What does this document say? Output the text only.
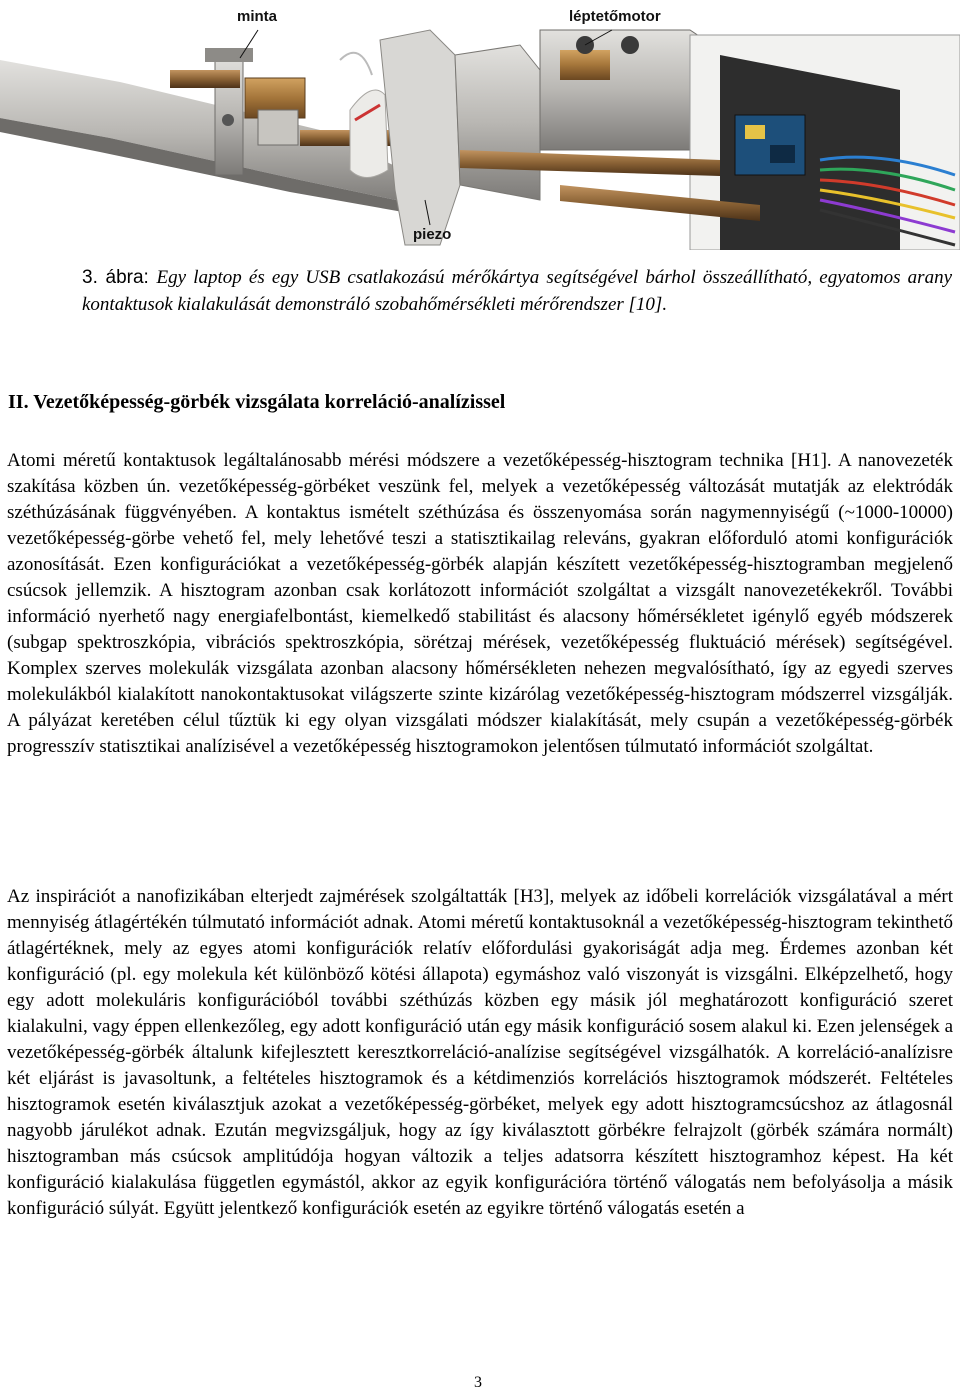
minta	léptetőmotor
piezo
3. ábra: Egy laptop és egy USB csatlakozású mérőkártya segítségével bárhol összeállítható, egyatomos arany kontaktusok kialakulását demonstráló szobahőmérsékleti mérőrendszer [10].
II. Vezetőképesség-görbék vizsgálata korreláció-analízissel

Atomi méretű kontaktusok legáltalánosabb mérési módszere a vezetőképesség-hisztogram technika [H1]. A nanovezeték szakítása közben ún. vezetőképesség-görbéket veszünk fel, melyek a vezetőképesség változását mutatják az elektródák széthúzásának függvényében. A kontaktus ismételt széthúzása és összenyomása során nagymennyiségű (~1000-10000) vezetőképesség-görbe vehető fel, mely lehetővé teszi a statisztikailag releváns, gyakran előforduló atomi konfigurációk azonosítását. Ezen konfigurációkat a vezetőképesség-görbék alapján készített vezetőképesség-hisztogramban megjelenő csúcsok jellemzik. A hisztogram azonban csak korlátozott információt szolgáltat a vizsgált nanovezetékekről. További információ nyerhető nagy energiafelbontást, kiemelkedő stabilitást és alacsony hőmérsékletet igénylő egyéb módszerek (subgap spektroszkópia, vibrációs spektroszkópia, sörétzaj mérések, vezetőképesség fluktuáció mérések) segítségével. Komplex szerves molekulák vizsgálata azonban alacsony hőmérsékleten nehezen megvalósítható, így az egyedi szerves molekulákból kialakított nanokontaktusokat világszerte szinte kizárólag vezetőképesség-hisztogram módszerrel vizsgálják. A pályázat keretében célul tűztük ki egy olyan vizsgálati módszer kialakítását, mely csupán a vezetőképesség-görbék progresszív statisztikai analízisével a vezetőképesség hisztogramokon jelentősen túlmutató információt szolgáltat.

Az inspirációt a nanofizikában elterjedt zajmérések szolgáltatták [H3], melyek az időbeli korrelációk vizsgálatával a mért mennyiség átlagértékén túlmutató információt adnak. Atomi méretű kontaktusoknál a vezetőképesség-hisztogram tekinthető átlagértéknek, mely az egyes atomi konfigurációk relatív előfordulási gyakoriságát adja meg. Érdemes azonban két konfiguráció (pl. egy molekula két különböző kötési állapota) egymáshoz való viszonyát is vizsgálni. Elképzelhető, hogy egy adott molekuláris konfigurációból további széthúzás közben egy másik jól meghatározott konfiguráció szeret kialakulni, vagy éppen ellenkezőleg, egy adott konfiguráció után egy másik konfiguráció sosem alakul ki. Ezen jelenségek a vezetőképesség-görbék általunk kifejlesztett keresztkorreláció-analízise segítségével vizsgálhatók. A korreláció-analízisre két eljárást is javasoltunk, a feltételes hisztogramok és a kétdimenziós korrelációs hisztogramok módszerét. Feltételes hisztogramok esetén kiválasztjuk azokat a vezetőképesség-görbéket, melyek egy adott hisztogramcsúcshoz az átlagosnál nagyobb járulékot adnak. Ezután megvizsgáljuk, hogy az így kiválasztott görbékre felrajzolt (görbék számára normált) hisztogramban más csúcsok amplitúdója hogyan változik a teljes adatsorra készített hisztogramhoz képest. Ha két konfiguráció kialakulása független egymástól, akkor az egyik konfigurációra történő válogatás nem befolyásolja a másik konfiguráció súlyát. Együtt jelentkező konfigurációk esetén az egyikre történő válogatás esetén a

3
